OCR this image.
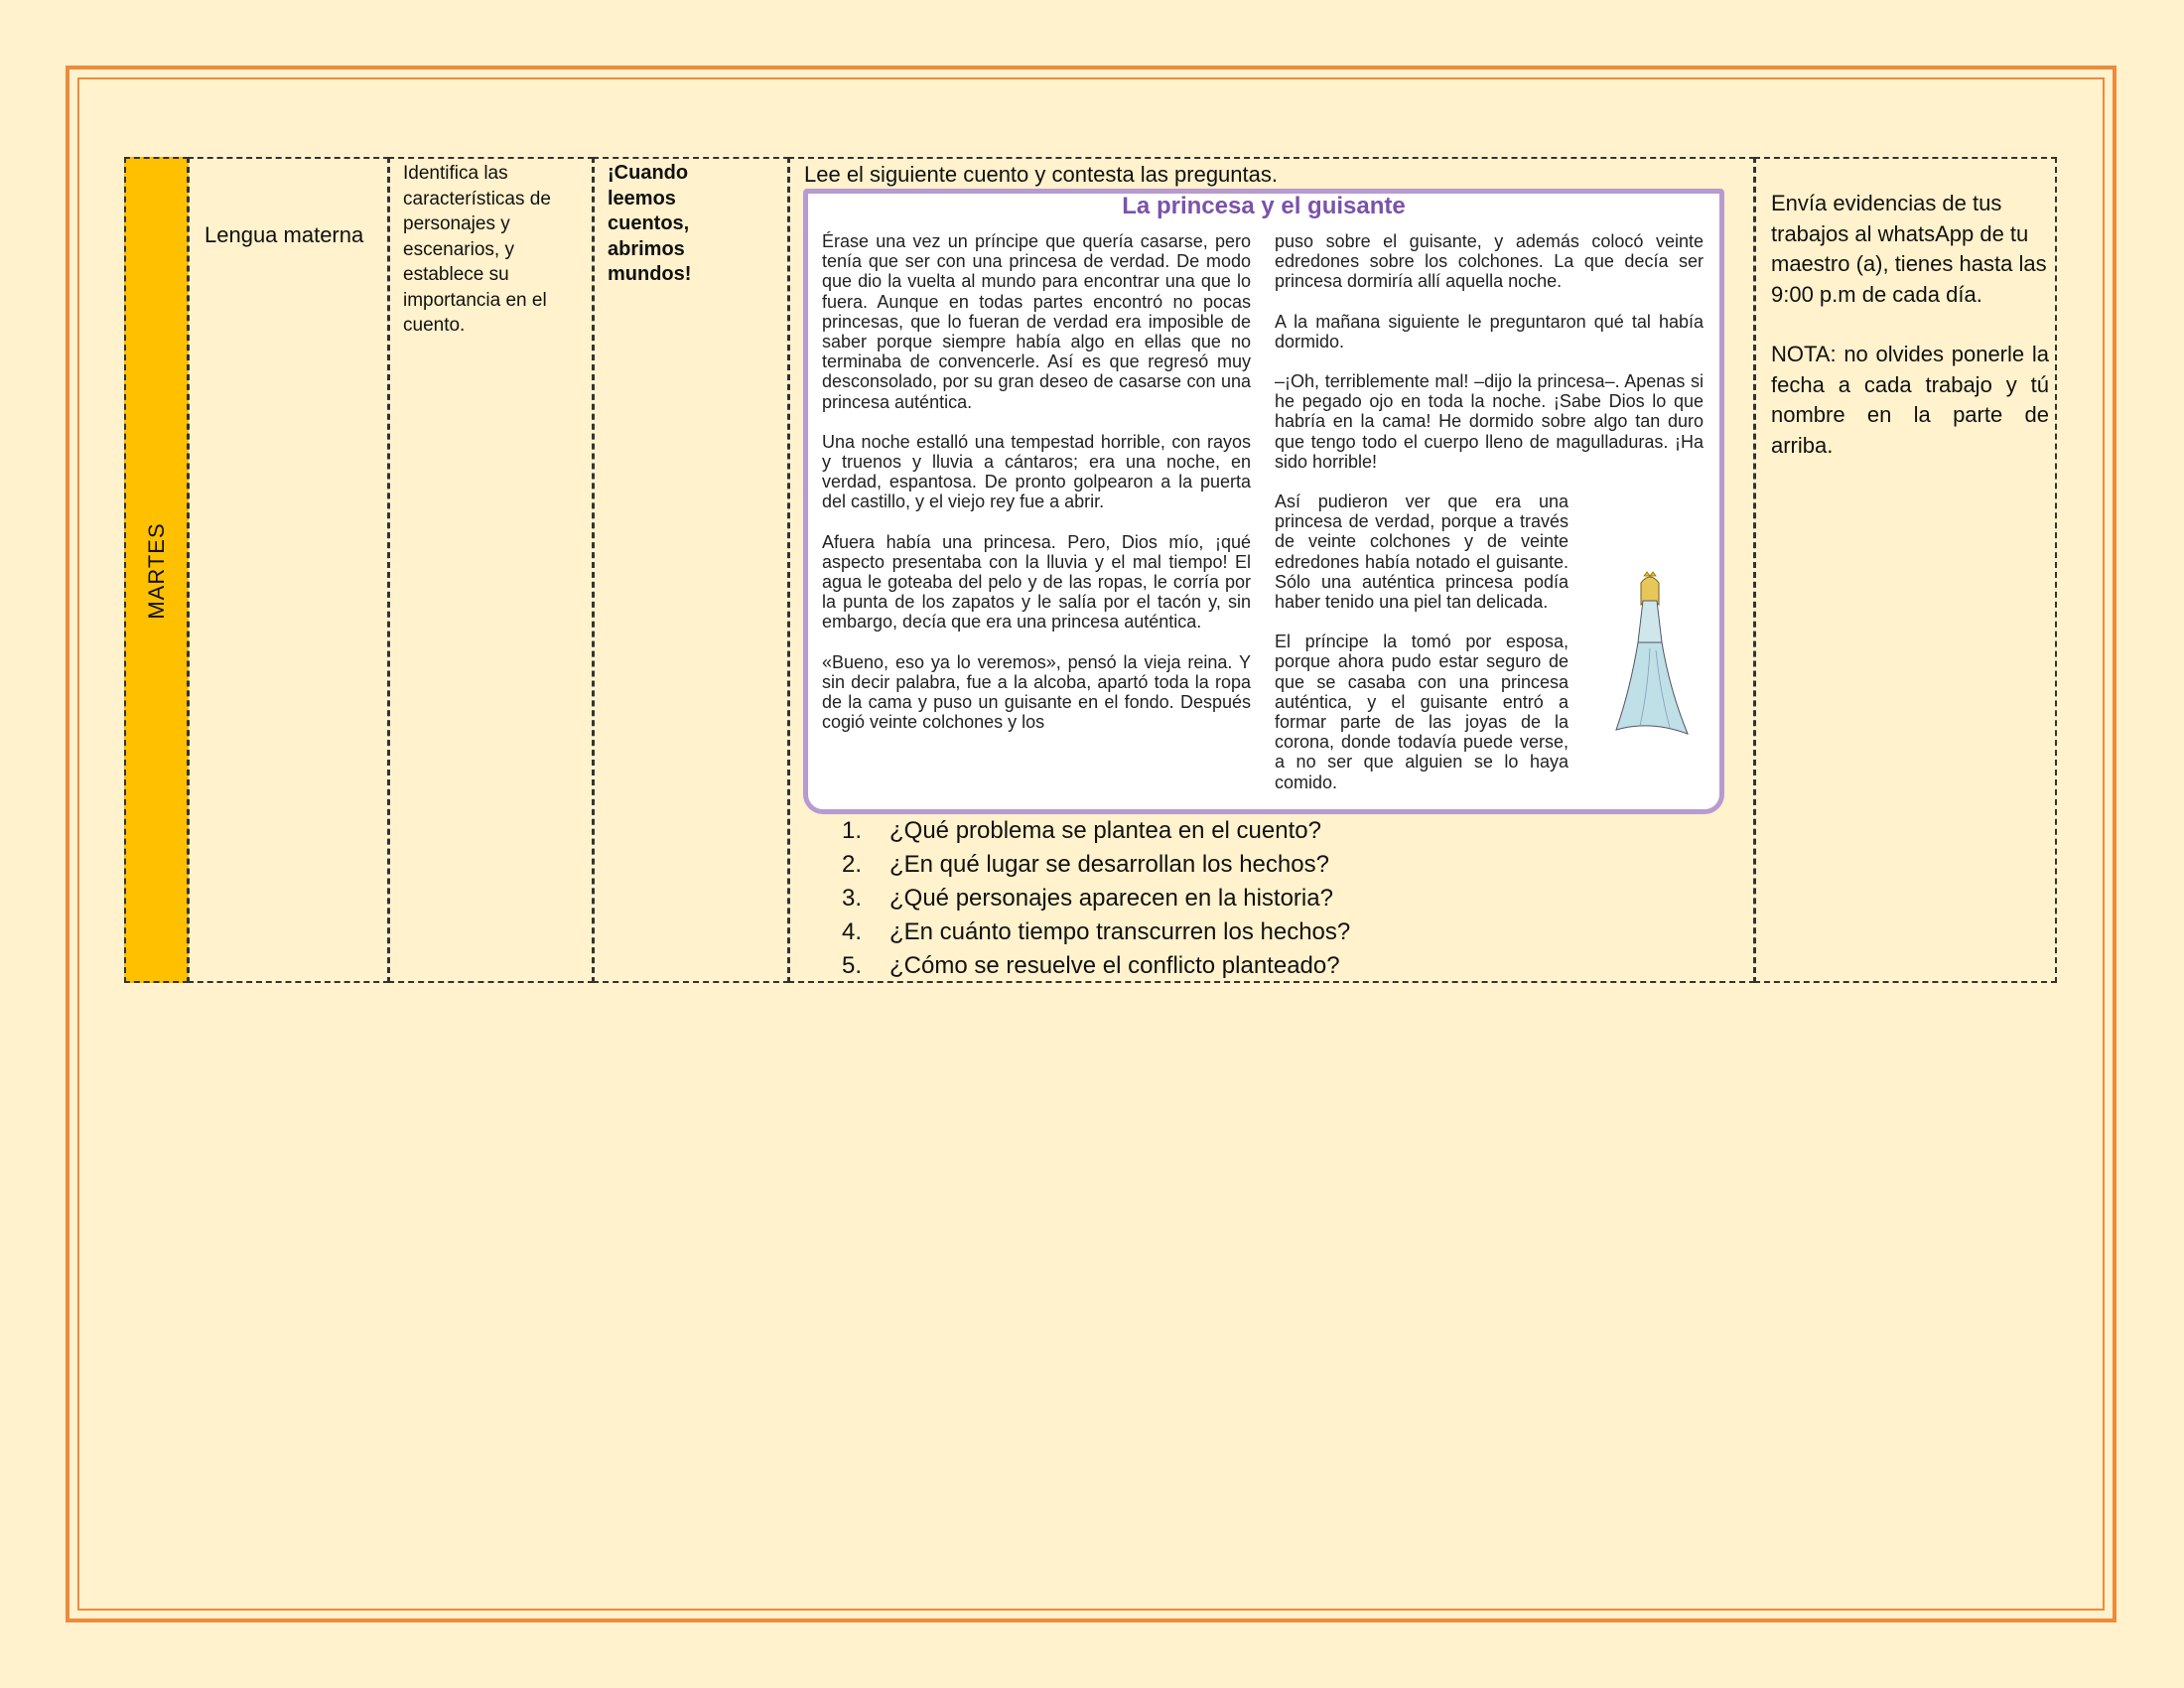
MARTES
Lengua materna
Identifica las características de personajes y escenarios, y establece su importancia en el cuento.
¡Cuando leemos cuentos, abrimos mundos!
Lee el siguiente cuento y contesta las preguntas.
La princesa y el guisante

Érase una vez un príncipe que quería casarse, pero tenía que ser con una princesa de verdad. De modo que dio la vuelta al mundo para encontrar una que lo fuera. Aunque en todas partes encontró no pocas princesas, que lo fueran de verdad era imposible de saber porque siempre había algo en ellas que no terminaba de convencerle. Así es que regresó muy desconsolado, por su gran deseo de casarse con una princesa auténtica.

Una noche estalló una tempestad horrible, con rayos y truenos y lluvia a cántaros; era una noche, en verdad, espantosa. De pronto golpearon a la puerta del castillo, y el viejo rey fue a abrir.

Afuera había una princesa. Pero, Dios mío, ¡qué aspecto presentaba con la lluvia y el mal tiempo! El agua le goteaba del pelo y de las ropas, le corría por la punta de los zapatos y le salía por el tacón y, sin embargo, decía que era una princesa auténtica.

«Bueno, eso ya lo veremos», pensó la vieja reina. Y sin decir palabra, fue a la alcoba, apartó toda la ropa de la cama y puso un guisante en el fondo. Después cogió veinte colchones y los

puso sobre el guisante, y además colocó veinte edredones sobre los colchones. La que decía ser princesa dormiría allí aquella noche.

A la mañana siguiente le preguntaron qué tal había dormido.

–¡Oh, terriblemente mal! –dijo la princesa–. Apenas si he pegado ojo en toda la noche. ¡Sabe Dios lo que habría en la cama! He dormido sobre algo tan duro que tengo todo el cuerpo lleno de magulladuras. ¡Ha sido horrible!

Así pudieron ver que era una princesa de verdad, porque a través de veinte colchones y de veinte edredones había notado el guisante. Sólo una auténtica princesa podía haber tenido una piel tan delicada.

El príncipe la tomó por esposa, porque ahora pudo estar seguro de que se casaba con una princesa auténtica, y el guisante entró a formar parte de las joyas de la corona, donde todavía puede verse, a no ser que alguien se lo haya comido.

1.	¿Qué problema se plantea en el cuento?
2.	¿En qué lugar se desarrollan los hechos?
3.	¿Qué personajes aparecen en la historia?
4.	¿En cuánto tiempo transcurren los hechos?
5.	¿Cómo se resuelve el conflicto planteado?

Envía evidencias de tus trabajos al whatsApp de tu maestro (a), tienes hasta las 9:00 p.m de cada día.

NOTA: no olvides ponerle la fecha a cada trabajo y tú nombre en la parte de arriba.
